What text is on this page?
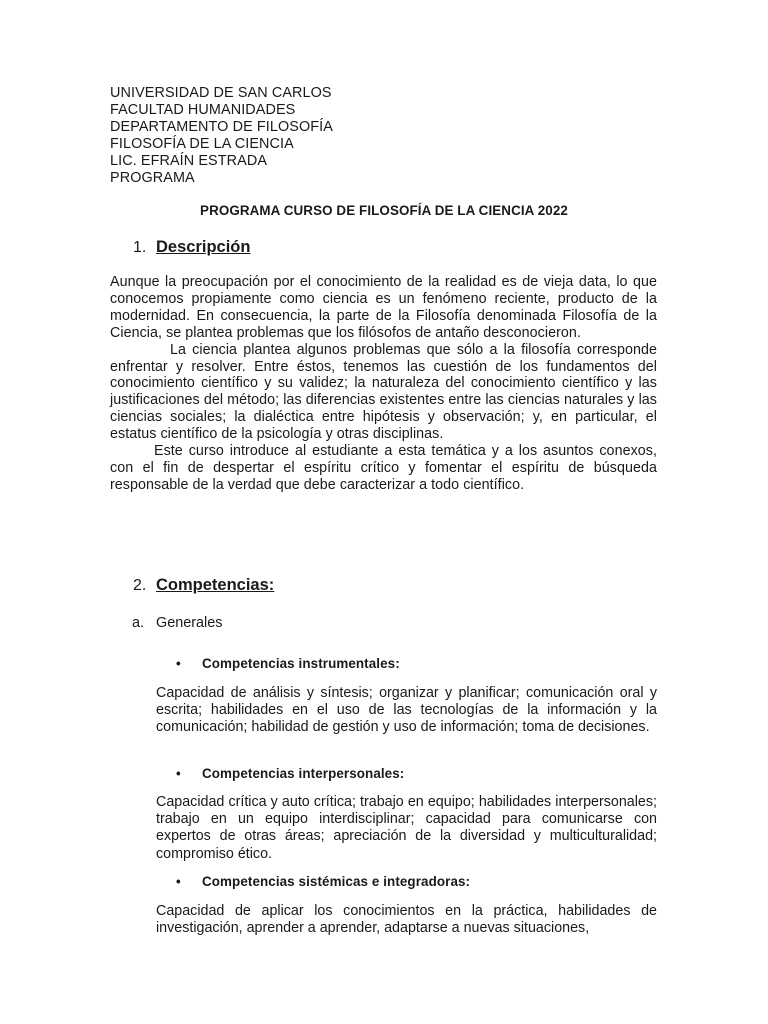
UNIVERSIDAD DE SAN CARLOS
FACULTAD HUMANIDADES
DEPARTAMENTO DE FILOSOFÍA
FILOSOFÍA DE LA CIENCIA
LIC. EFRAÍN ESTRADA
PROGRAMA
PROGRAMA CURSO DE FILOSOFÍA DE LA CIENCIA 2022
1. Descripción

Aunque la preocupación por el conocimiento de la realidad es de vieja data, lo que conocemos propiamente como ciencia es un fenómeno reciente, producto de la modernidad. En consecuencia, la parte de la Filosofía denominada Filosofía de la Ciencia, se plantea problemas que los filósofos de antaño desconocieron.

La ciencia plantea algunos problemas que sólo a la filosofía corresponde enfrentar y resolver. Entre éstos, tenemos las cuestión de los fundamentos del conocimiento científico y su validez; la naturaleza del conocimiento científico y las justificaciones del método; las diferencias existentes entre las ciencias naturales y las ciencias sociales; la dialéctica entre hipótesis y observación; y, en particular, el estatus científico de la psicología y otras disciplinas.

Este curso introduce al estudiante a esta temática y a los asuntos conexos, con el fin de despertar el espíritu crítico y fomentar el espíritu de búsqueda responsable de la verdad que debe caracterizar a todo científico.

2. Competencias:
a. Generales
• Competencias instrumentales:
Capacidad de análisis y síntesis; organizar y planificar; comunicación oral y escrita; habilidades en el uso de las tecnologías de la información y la comunicación; habilidad de gestión y uso de información; toma de decisiones.
• Competencias interpersonales:
Capacidad crítica y auto crítica; trabajo en equipo; habilidades interpersonales; trabajo en un equipo interdisciplinar; capacidad para comunicarse con expertos de otras áreas; apreciación de la diversidad y multiculturalidad; compromiso ético.
• Competencias sistémicas e integradoras:
Capacidad de aplicar los conocimientos en la práctica, habilidades de investigación, aprender a aprender, adaptarse a nuevas situaciones,
